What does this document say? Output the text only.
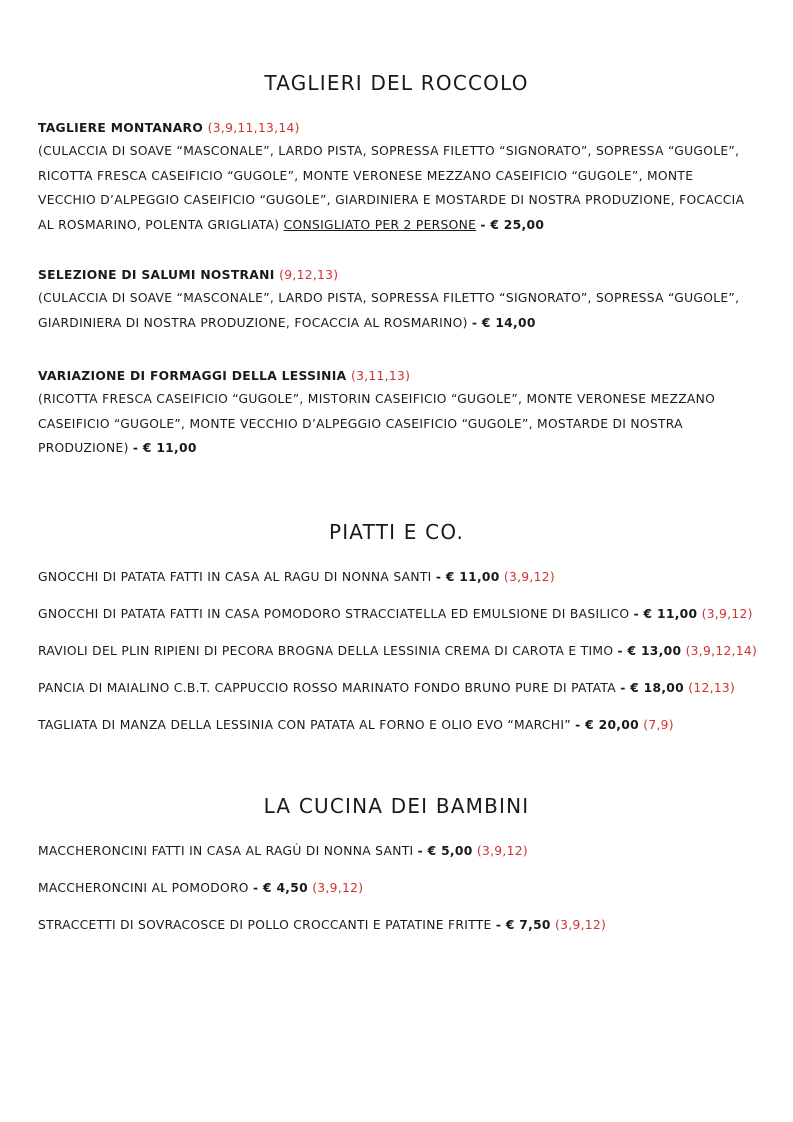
TAGLIERI DEL ROCCOLO
TAGLIERE MONTANARO (3,9,11,13,14)
(CULACCIA DI SOAVE “MASCONALE”, LARDO PISTA, SOPRESSA FILETTO “SIGNORATO”, SOPRESSA “GUGOLE”, RICOTTA FRESCA CASEIFICIO “GUGOLE”, MONTE VERONESE MEZZANO CASEIFICIO “GUGOLE”, MONTE VECCHIO D’ALPEGGIO CASEIFICIO “GUGOLE”, GIARDINIERA E MOSTARDE DI NOSTRA PRODUZIONE, FOCACCIA AL ROSMARINO, POLENTA GRIGLIATA) CONSIGLIATO PER 2 PERSONE - € 25,00
SELEZIONE DI SALUMI NOSTRANI (9,12,13)
(CULACCIA DI SOAVE “MASCONALE”, LARDO PISTA, SOPRESSA FILETTO “SIGNORATO”, SOPRESSA “GUGOLE”, GIARDINIERA DI NOSTRA PRODUZIONE, FOCACCIA AL ROSMARINO) - € 14,00
VARIAZIONE DI FORMAGGI DELLA LESSINIA (3,11,13)
(RICOTTA FRESCA CASEIFICIO “GUGOLE”, MISTORIN CASEIFICIO “GUGOLE”, MONTE VERONESE MEZZANO CASEIFICIO “GUGOLE”, MONTE VECCHIO D’ALPEGGIO CASEIFICIO “GUGOLE”, MOSTARDE DI NOSTRA PRODUZIONE) - € 11,00
PIATTI E CO.
GNOCCHI DI PATATA FATTI IN CASA AL RAGU DI NONNA SANTI - € 11,00 (3,9,12)
GNOCCHI DI PATATA FATTI IN CASA POMODORO STRACCIATELLA ED EMULSIONE DI BASILICO - € 11,00 (3,9,12)
RAVIOLI DEL PLIN RIPIENI DI PECORA BROGNA DELLA LESSINIA CREMA DI CAROTA E TIMO - € 13,00 (3,9,12,14)
PANCIA DI MAIALINO C.B.T. CAPPUCCIO ROSSO MARINATO FONDO BRUNO PURE DI PATATA - € 18,00 (12,13)
TAGLIATA DI MANZA DELLA LESSINIA CON PATATA AL FORNO E OLIO EVO “MARCHI” - € 20,00 (7,9)
LA CUCINA DEI BAMBINI
MACCHERONCINI FATTI IN CASA AL RAGÙ DI NONNA SANTI - € 5,00 (3,9,12)
MACCHERONCINI AL POMODORO - € 4,50 (3,9,12)
STRACCETTI DI SOVRACOSCE DI POLLO CROCCANTI E PATATINE FRITTE - € 7,50 (3,9,12)
